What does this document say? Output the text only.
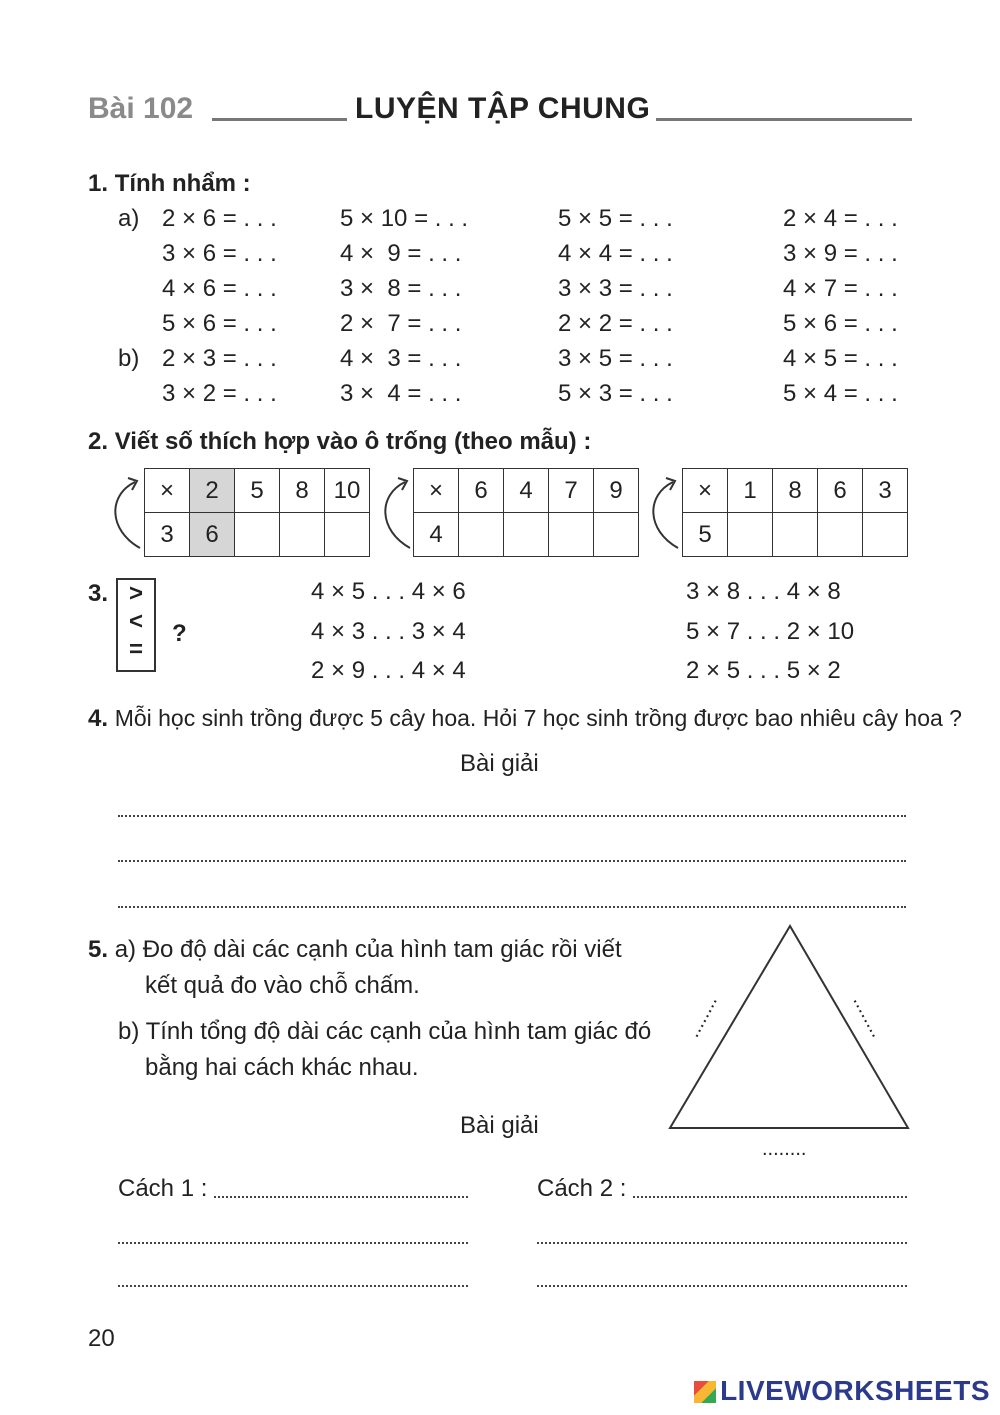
Bài 102	LUYỆN TẬP CHUNG
1. Tính nhẩm :
a)
b)
2 × 6 = . . .	5 × 10 = . . .	5 × 5 = . . .	2 × 4 = . . .
3 × 6 = . . .	4 ×  9 = . . .	4 × 4 = . . .	3 × 9 = . . .
4 × 6 = . . .	3 ×  8 = . . .	3 × 3 = . . .	4 × 7 = . . .
5 × 6 = . . .	2 ×  7 = . . .	2 × 2 = . . .	5 × 6 = . . .
2 × 3 = . . .	4 ×  3 = . . .	3 × 5 = . . .	4 × 5 = . . .
3 × 2 = . . .	3 ×  4 = . . .	5 × 3 = . . .	5 × 4 = . . .
2. Viết số thích hợp vào ô trống (theo mẫu) :
×	2	5	8	10
3	6			
×	6	4	7	9
4				
×	1	8	6	3
5				
3. >
<
=
?
4 × 5 . . . 4 × 6
4 × 3 . . . 3 × 4
2 × 9 . . . 4 × 4
3 × 8 . . . 4 × 8
5 × 7 . . . 2 × 10
2 × 5 . . . 5 × 2
4. Mỗi học sinh trồng được 5 cây hoa. Hỏi 7 học sinh trồng được bao nhiêu cây hoa ?
Bài giải
5. a) Đo độ dài các cạnh của hình tam giác rồi viết
kết quả đo vào chỗ chấm.
b) Tính tổng độ dài các cạnh của hình tam giác đó
bằng hai cách khác nhau.
........	........
........
Bài giải
Cách 1 :	Cách 2 :
20
LIVEWORKSHEETS
